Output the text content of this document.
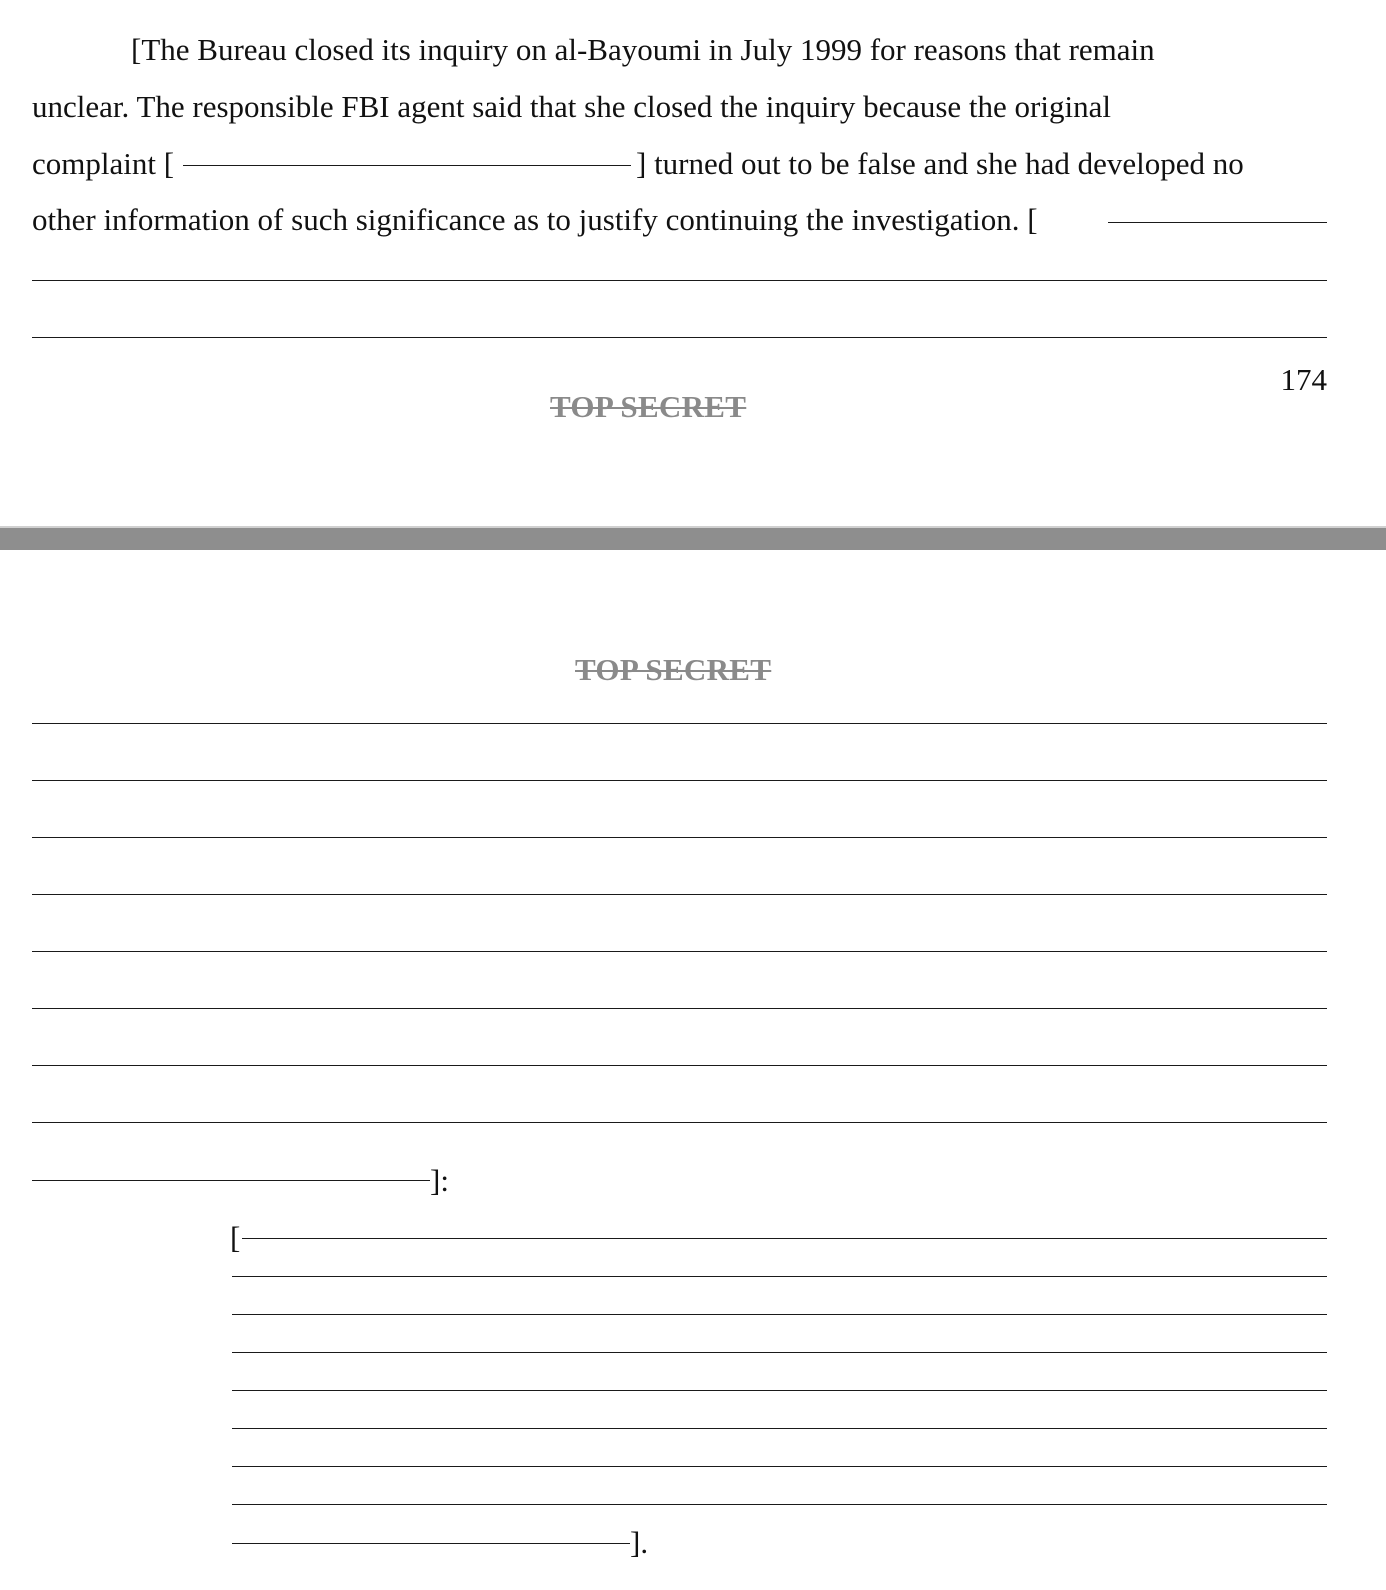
[The Bureau closed its inquiry on al-Bayoumi in July 1999 for reasons that remain
unclear. The responsible FBI agent said that she closed the inquiry because the original
complaint [	] turned out to be false and she had developed no
other information of such significance as to justify continuing the investigation. [
174
TOP SECRET
TOP SECRET
]:
[
].
